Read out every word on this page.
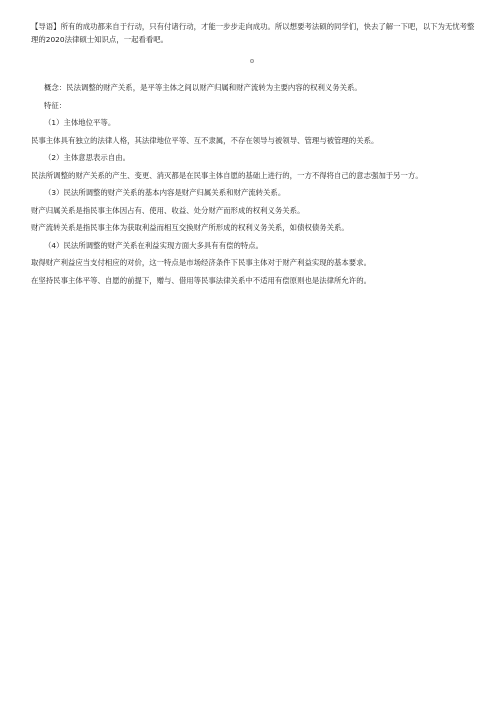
【导语】所有的成功都来自于行动，只有付诸行动，才能一步步走向成功。所以想要考法硕的同学们，快去了解一下吧，以下为无忧考整理的2020法律硕士知识点，一起看看吧。

概念：民法调整的财产关系，是平等主体之间以财产归属和财产流转为主要内容的权利义务关系。

特征：

（1）主体地位平等。

民事主体具有独立的法律人格，其法律地位平等、互不隶属，不存在领导与被领导、管理与被管理的关系。

（2）主体意思表示自由。

民法所调整的财产关系的产生、变更、消灭都是在民事主体自愿的基础上进行的，一方不得将自己的意志强加于另一方。

（3）民法所调整的财产关系的基本内容是财产归属关系和财产流转关系。

财产归属关系是指民事主体因占有、使用、收益、处分财产而形成的权利义务关系。

财产流转关系是指民事主体为获取利益而相互交换财产所形成的权利义务关系，如债权债务关系。

（4）民法所调整的财产关系在利益实现方面大多具有有偿的特点。

取得财产利益应当支付相应的对价，这一特点是市场经济条件下民事主体对于财产利益实现的基本要求。

在坚持民事主体平等、自愿的前提下，赠与、借用等民事法律关系中不适用有偿原则也是法律所允许的。
